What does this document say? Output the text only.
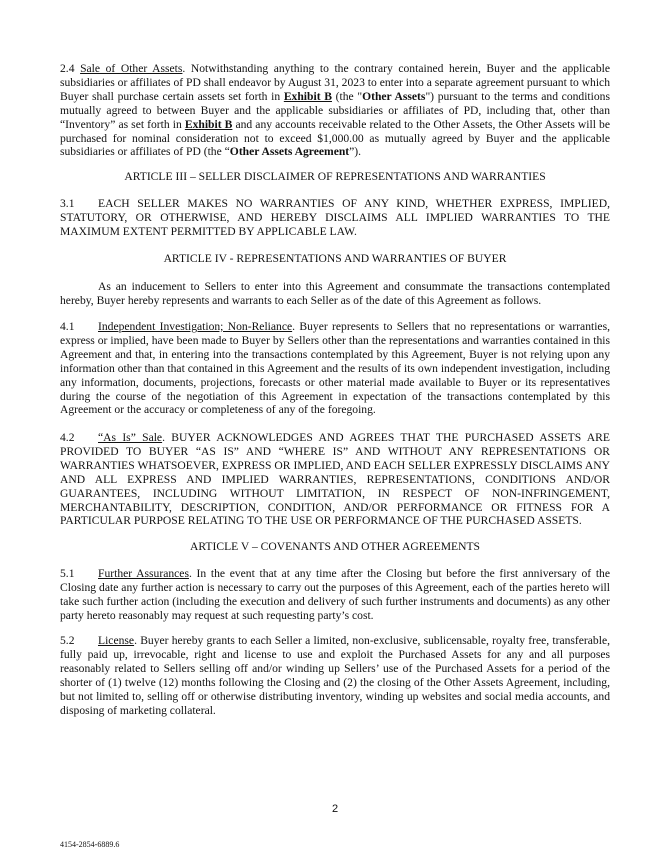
2.4 Sale of Other Assets. Notwithstanding anything to the contrary contained herein, Buyer and the applicable subsidiaries or affiliates of PD shall endeavor by August 31, 2023 to enter into a separate agreement pursuant to which Buyer shall purchase certain assets set forth in Exhibit B (the "Other Assets") pursuant to the terms and conditions mutually agreed to between Buyer and the applicable subsidiaries or affiliates of PD, including that, other than “Inventory” as set forth in Exhibit B and any accounts receivable related to the Other Assets, the Other Assets will be purchased for nominal consideration not to exceed $1,000.00 as mutually agreed by Buyer and the applicable subsidiaries or affiliates of PD (the “Other Assets Agreement”).

ARTICLE III – SELLER DISCLAIMER OF REPRESENTATIONS AND WARRANTIES

3.1 EACH SELLER MAKES NO WARRANTIES OF ANY KIND, WHETHER EXPRESS, IMPLIED, STATUTORY, OR OTHERWISE, AND HEREBY DISCLAIMS ALL IMPLIED WARRANTIES TO THE MAXIMUM EXTENT PERMITTED BY APPLICABLE LAW.

ARTICLE IV - REPRESENTATIONS AND WARRANTIES OF BUYER

As an inducement to Sellers to enter into this Agreement and consummate the transactions contemplated hereby, Buyer hereby represents and warrants to each Seller as of the date of this Agreement as follows.

4.1 Independent Investigation; Non-Reliance. Buyer represents to Sellers that no representations or warranties, express or implied, have been made to Buyer by Sellers other than the representations and warranties contained in this Agreement and that, in entering into the transactions contemplated by this Agreement, Buyer is not relying upon any information other than that contained in this Agreement and the results of its own independent investigation, including any information, documents, projections, forecasts or other material made available to Buyer or its representatives during the course of the negotiation of this Agreement in expectation of the transactions contemplated by this Agreement or the accuracy or completeness of any of the foregoing.

4.2 “As Is” Sale. BUYER ACKNOWLEDGES AND AGREES THAT THE PURCHASED ASSETS ARE PROVIDED TO BUYER “AS IS” AND “WHERE IS” AND WITHOUT ANY REPRESENTATIONS OR WARRANTIES WHATSOEVER, EXPRESS OR IMPLIED, AND EACH SELLER EXPRESSLY DISCLAIMS ANY AND ALL EXPRESS AND IMPLIED WARRANTIES, REPRESENTATIONS, CONDITIONS AND/OR GUARANTEES, INCLUDING WITHOUT LIMITATION, IN RESPECT OF NON-INFRINGEMENT, MERCHANTABILITY, DESCRIPTION, CONDITION, AND/OR PERFORMANCE OR FITNESS FOR A PARTICULAR PURPOSE RELATING TO THE USE OR PERFORMANCE OF THE PURCHASED ASSETS.

ARTICLE V – COVENANTS AND OTHER AGREEMENTS

5.1 Further Assurances. In the event that at any time after the Closing but before the first anniversary of the Closing date any further action is necessary to carry out the purposes of this Agreement, each of the parties hereto will take such further action (including the execution and delivery of such further instruments and documents) as any other party hereto reasonably may request at such requesting party’s cost.

5.2 License. Buyer hereby grants to each Seller a limited, non-exclusive, sublicensable, royalty free, transferable, fully paid up, irrevocable, right and license to use and exploit the Purchased Assets for any and all purposes reasonably related to Sellers selling off and/or winding up Sellers’ use of the Purchased Assets for a period of the shorter of (1) twelve (12) months following the Closing and (2) the closing of the Other Assets Agreement, including, but not limited to, selling off or otherwise distributing inventory, winding up websites and social media accounts, and disposing of marketing collateral.

2
4154-2854-6889.6
